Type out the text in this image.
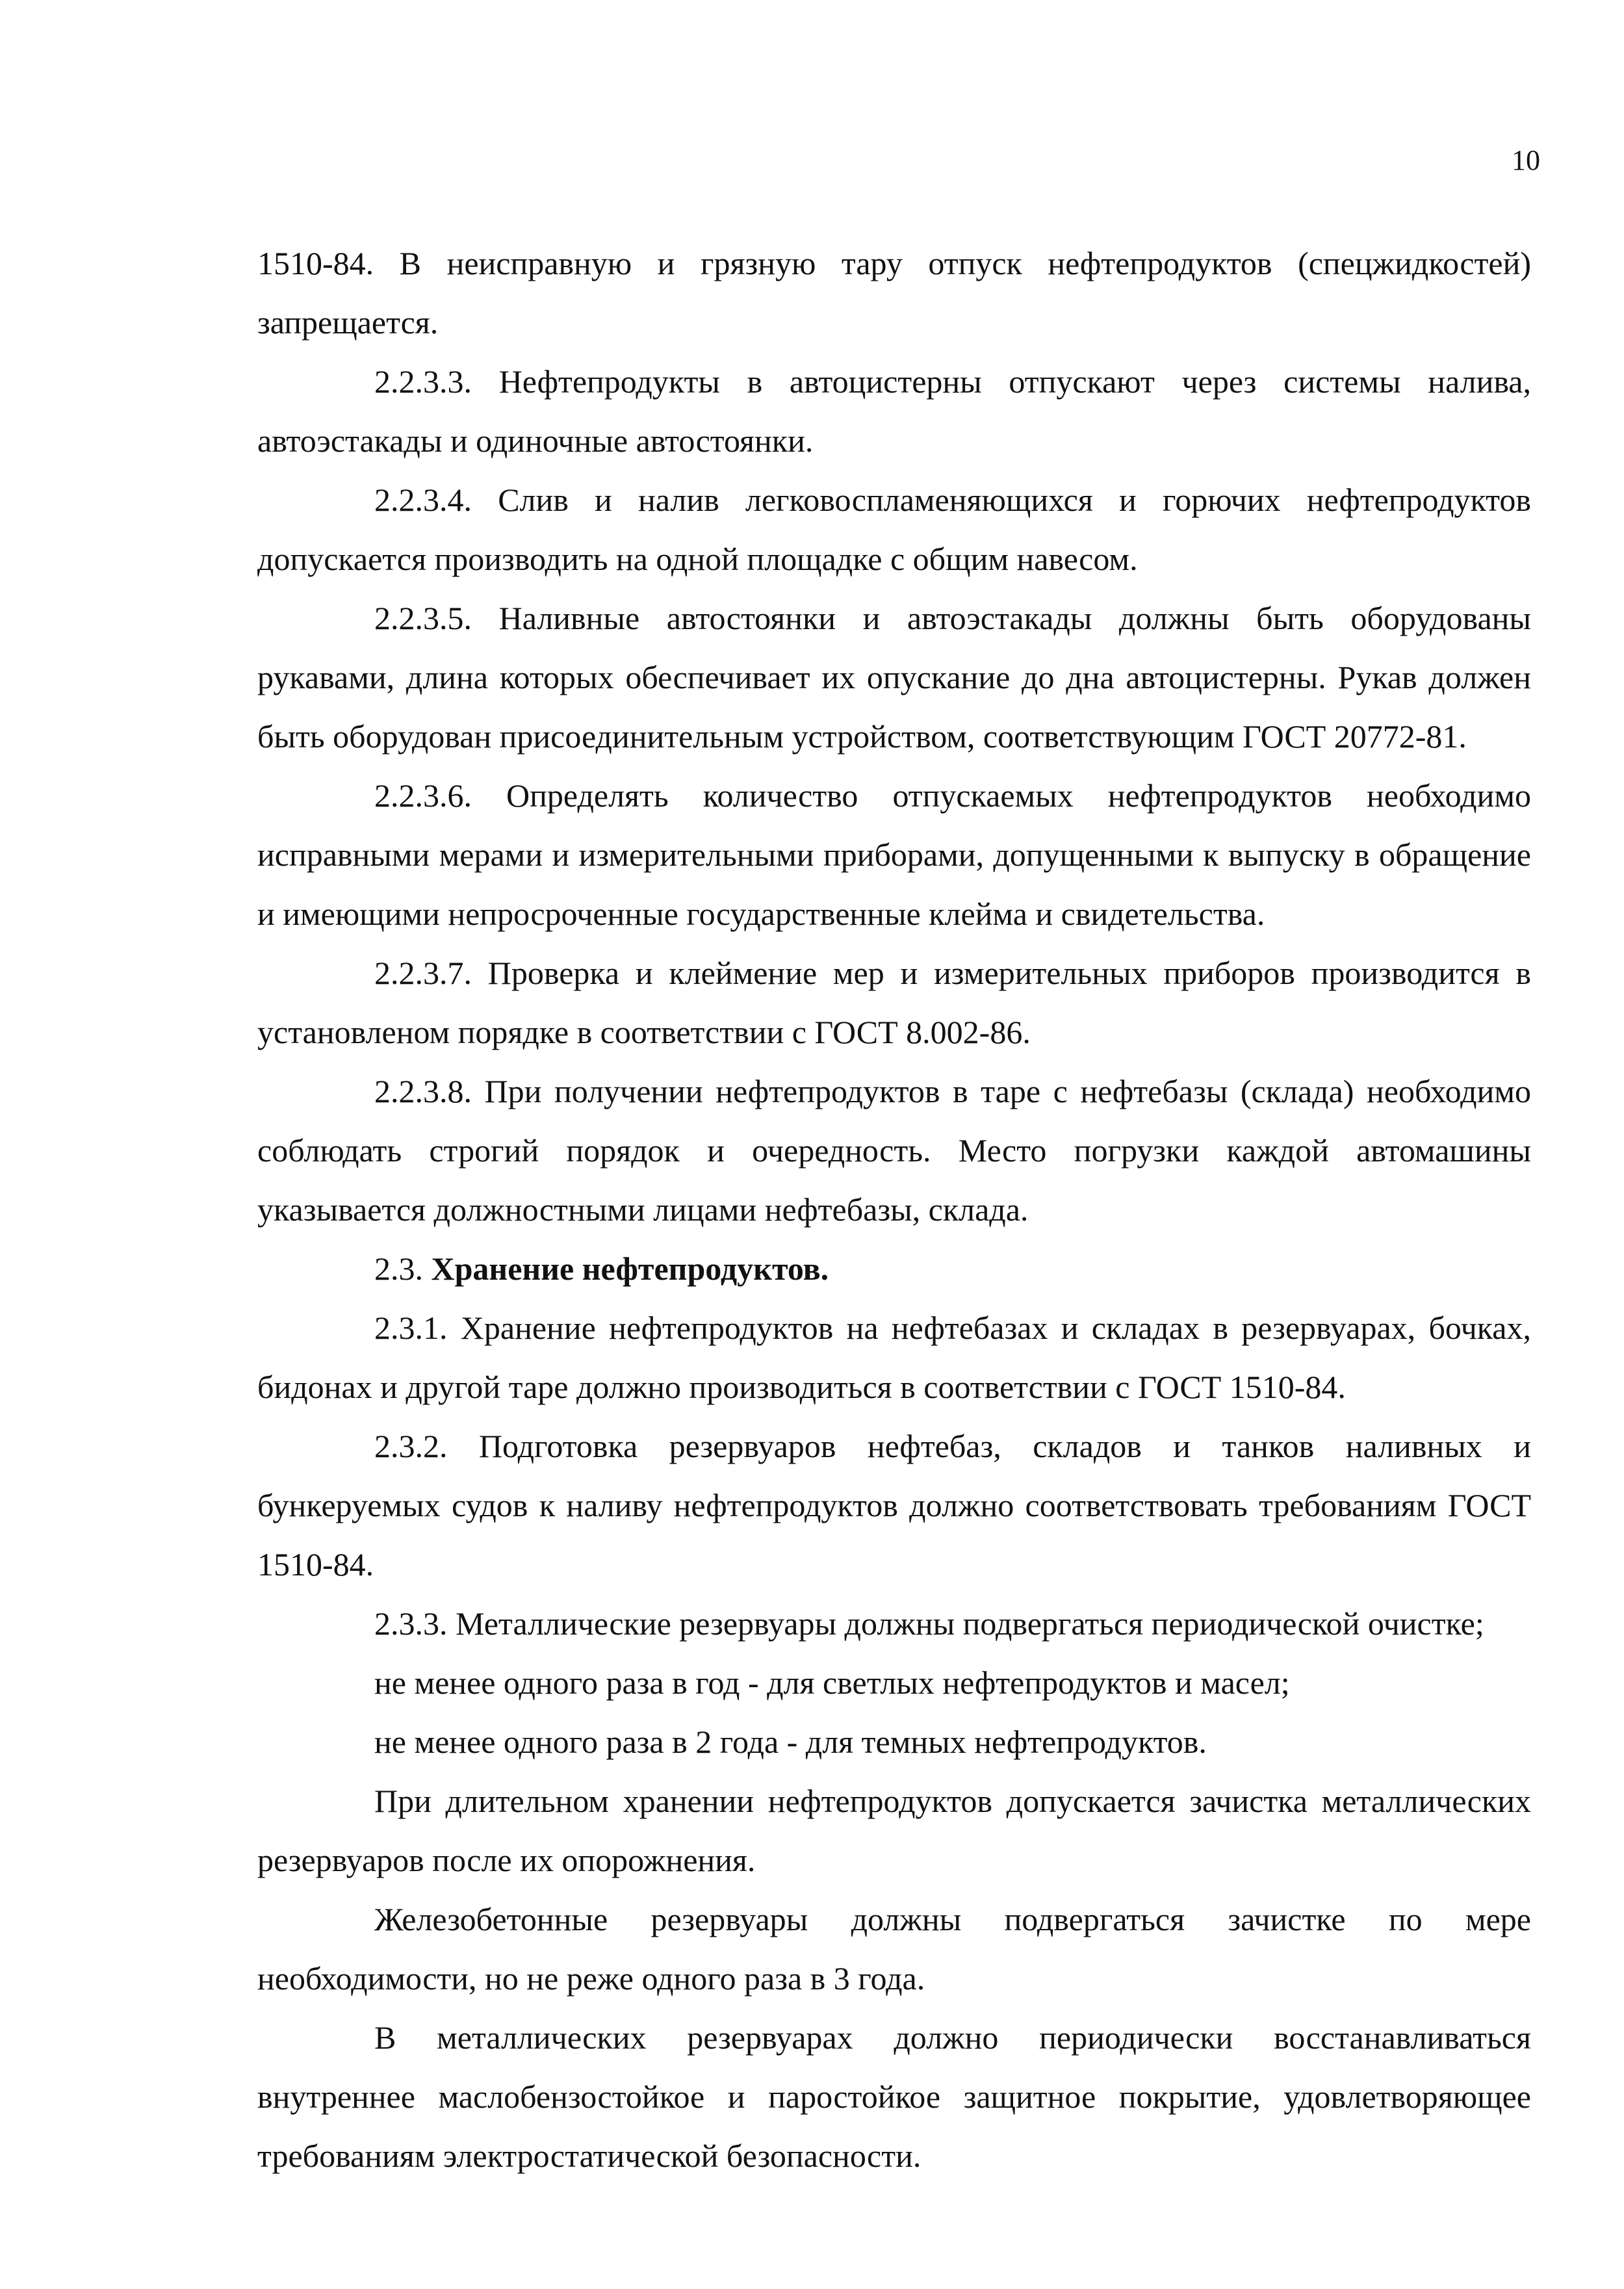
10

1510-84. В неисправную и грязную тару отпуск нефтепродуктов (спецжидкостей) запрещается.

2.2.3.3. Нефтепродукты в автоцистерны отпускают через системы налива, автоэстакады и одиночные автостоянки.

2.2.3.4. Слив и налив легковоспламеняющихся и горючих нефтепродуктов допускается производить на одной площадке с общим навесом.

2.2.3.5. Наливные автостоянки и автоэстакады должны быть оборудованы рукавами, длина которых обеспечивает их опускание до дна автоцистерны. Рукав должен быть оборудован присоединительным устройством, соответствующим ГОСТ 20772-81.

2.2.3.6. Определять количество отпускаемых нефтепродуктов необходимо исправными мерами и измерительными приборами, допущенными к выпуску в обращение и имеющими непросроченные государственные клейма и свидетельства.

2.2.3.7. Проверка и клеймение мер и измерительных приборов производится в установленом порядке в соответствии с ГОСТ 8.002-86.

2.2.3.8. При получении нефтепродуктов в таре с нефтебазы (склада) необходимо соблюдать строгий порядок и очередность. Место погрузки каждой автомашины указывается должностными лицами нефтебазы, склада.

2.3. Хранение нефтепродуктов.

2.3.1. Хранение нефтепродуктов на нефтебазах и складах в резервуарах, бочках, бидонах и другой таре должно производиться в соответствии с ГОСТ 1510-84.

2.3.2. Подготовка резервуаров нефтебаз, складов и танков наливных и бункеруемых судов к наливу нефтепродуктов должно соответствовать требованиям ГОСТ 1510-84.

2.3.3. Металлические резервуары должны подвергаться периодической очистке;

не менее одного раза в год - для светлых нефтепродуктов и масел;

не менее одного раза в 2 года - для темных нефтепродуктов.

При длительном хранении нефтепродуктов допускается зачистка металлических резервуаров после их опорожнения.

Железобетонные резервуары должны подвергаться зачистке по мере необходимости, но не реже одного раза в 3 года.

В металлических резервуарах должно периодически восстанавливаться внутреннее маслобензостойкое и паростойкое защитное покрытие, удовлетворяющее требованиям электростатической безопасности.
